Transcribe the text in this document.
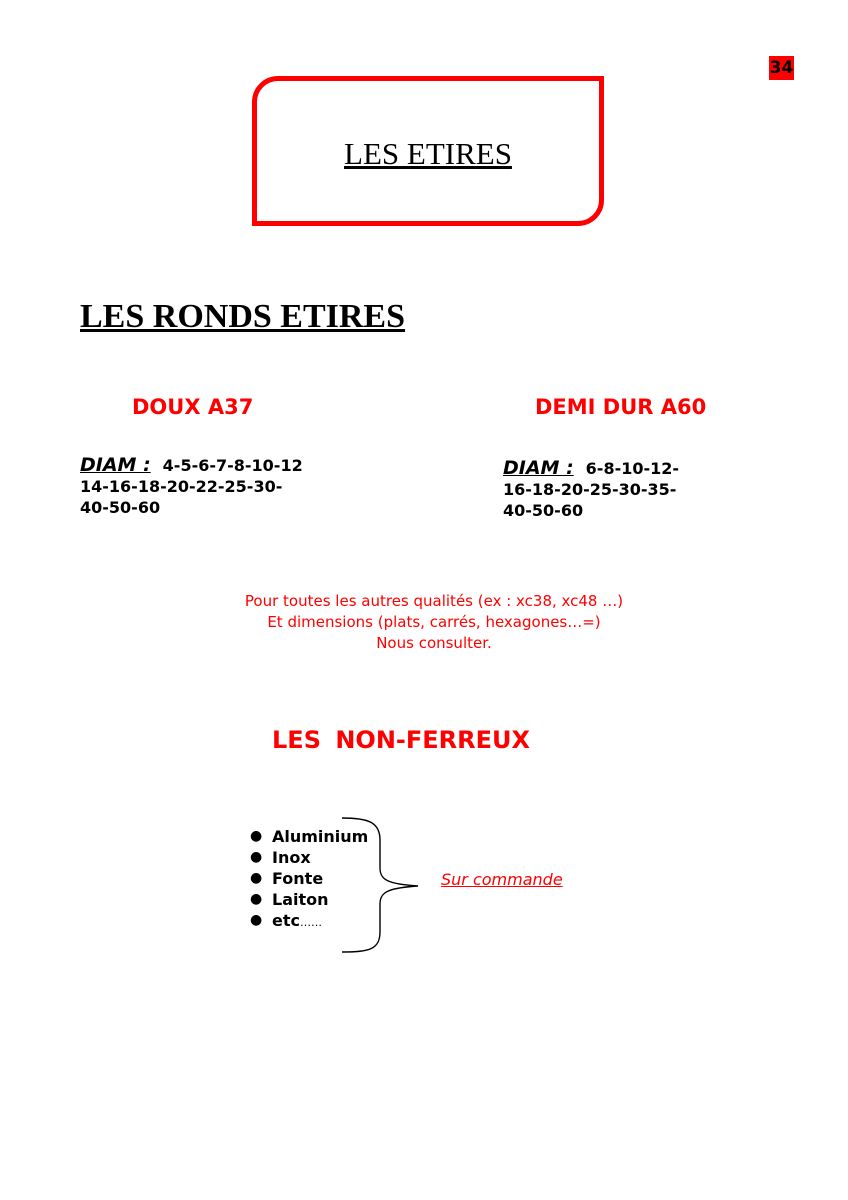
34
LES ETIRES
LES RONDS ETIRES
DOUX A37	DEMI DUR A60
DIAM : 4-5-6-7-8-10-12
14-16-18-20-22-25-30-
40-50-60
DIAM : 6-8-10-12-
16-18-20-25-30-35-
40-50-60
Pour toutes les autres qualités (ex : xc38, xc48 …)
Et dimensions (plats, carrés, hexagones…=)
Nous consulter.
LES NON-FERREUX
● Aluminium
● Inox
● Fonte
● Laiton
● etc……
Sur commande
